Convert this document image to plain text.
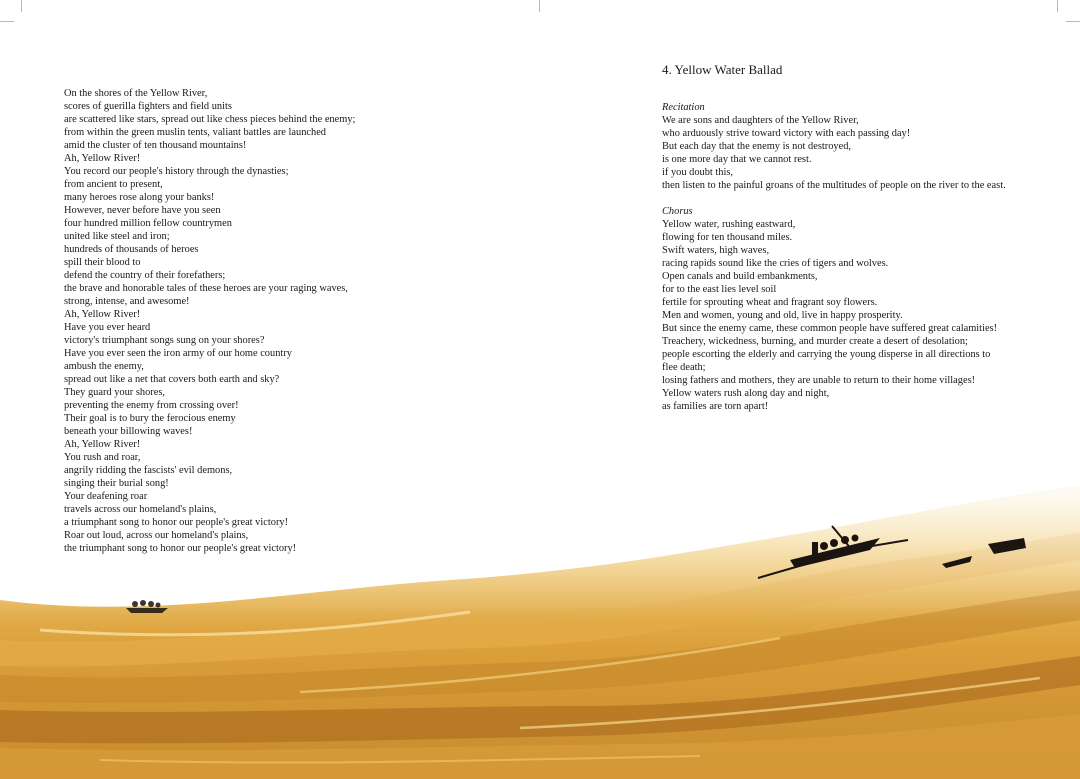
On the shores of the Yellow River,
scores of guerilla fighters and field units
are scattered like stars, spread out like chess pieces behind the enemy;
from within the green muslin tents, valiant battles are launched
amid the cluster of ten thousand mountains!
Ah, Yellow River!
You record our people's history through the dynasties;
from ancient to present,
many heroes rose along your banks!
However, never before have you seen
four hundred million fellow countrymen
united like steel and iron;
hundreds of thousands of heroes
spill their blood to
defend the country of their forefathers;
the brave and honorable tales of these heroes are your raging waves,
strong, intense, and awesome!
Ah, Yellow River!
Have you ever heard
victory's triumphant songs sung on your shores?
Have you ever seen the iron army of our home country
ambush the enemy,
spread out like a net that covers both earth and sky?
They guard your shores,
preventing the enemy from crossing over!
Their goal is to bury the ferocious enemy
beneath your billowing waves!
Ah, Yellow River!
You rush and roar,
angrily ridding the fascists' evil demons,
singing their burial song!
Your deafening roar
travels across our homeland's plains,
a triumphant song to honor our people's great victory!
Roar out loud, across our homeland's plains,
the triumphant song to honor our people's great victory!
4. Yellow Water Ballad
Recitation
We are sons and daughters of the Yellow River,
who arduously strive toward victory with each passing day!
But each day that the enemy is not destroyed,
is one more day that we cannot rest.
if you doubt this,
then listen to the painful groans of the multitudes of people on the river to the east.
Chorus
Yellow water, rushing eastward,
flowing for ten thousand miles.
Swift waters, high waves,
racing rapids sound like the cries of tigers and wolves.
Open canals and build embankments,
for to the east lies level soil
fertile for sprouting wheat and fragrant soy flowers.
Men and women, young and old, live in happy prosperity.
But since the enemy came, these common people have suffered great calamities!
Treachery, wickedness, burning, and murder create a desert of desolation;
people escorting the elderly and carrying the young disperse in all directions to
flee death;
losing fathers and mothers, they are unable to return to their home villages!
Yellow waters rush along day and night,
as families are torn apart!
